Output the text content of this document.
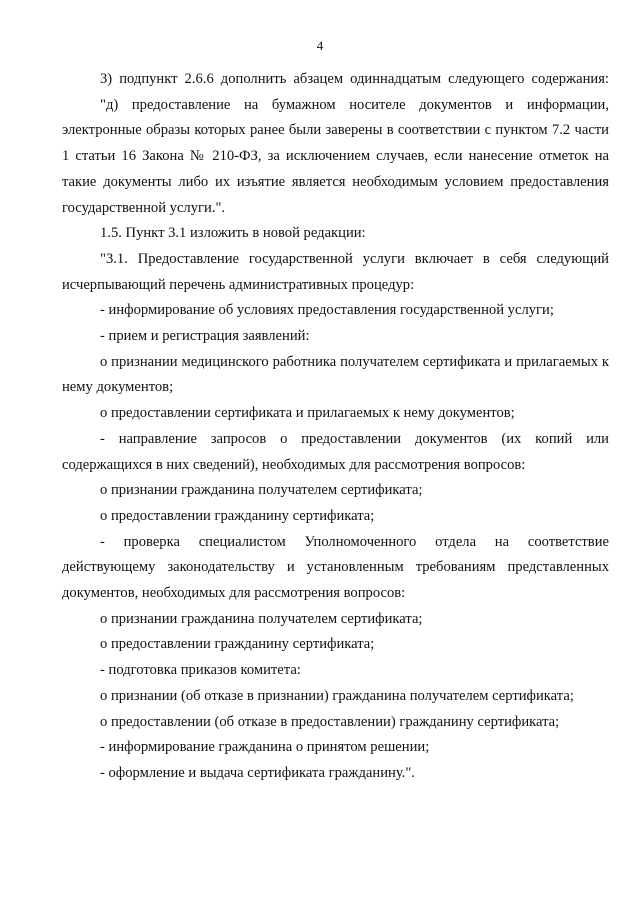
4

3) подпункт 2.6.6 дополнить абзацем одиннадцатым следующего содержания:

"д) предоставление на бумажном носителе документов и информации, электронные образы которых ранее были заверены в соответствии с пунктом 7.2 части 1 статьи 16 Закона № 210-ФЗ, за исключением случаев, если нанесение отметок на такие документы либо их изъятие является необходимым условием предоставления государственной услуги.".

1.5. Пункт 3.1 изложить в новой редакции:

"3.1. Предоставление государственной услуги включает в себя следующий исчерпывающий перечень административных процедур:

- информирование об условиях предоставления государственной услуги;

- прием и регистрация заявлений:

о признании медицинского работника получателем сертификата и прилагаемых к нему документов;

о предоставлении сертификата и прилагаемых к нему документов;

- направление запросов о предоставлении документов (их копий или содержащихся в них сведений), необходимых для рассмотрения вопросов:

о признании гражданина получателем сертификата;

о предоставлении гражданину сертификата;

- проверка специалистом Уполномоченного отдела на соответствие действующему законодательству и установленным требованиям представленных документов, необходимых для рассмотрения вопросов:

о признании гражданина получателем сертификата;

о предоставлении гражданину сертификата;

- подготовка приказов комитета:

о признании (об отказе в признании) гражданина получателем сертификата;

о предоставлении (об отказе в предоставлении) гражданину сертификата;

- информирование гражданина о принятом решении;

- оформление и выдача сертификата гражданину.".
